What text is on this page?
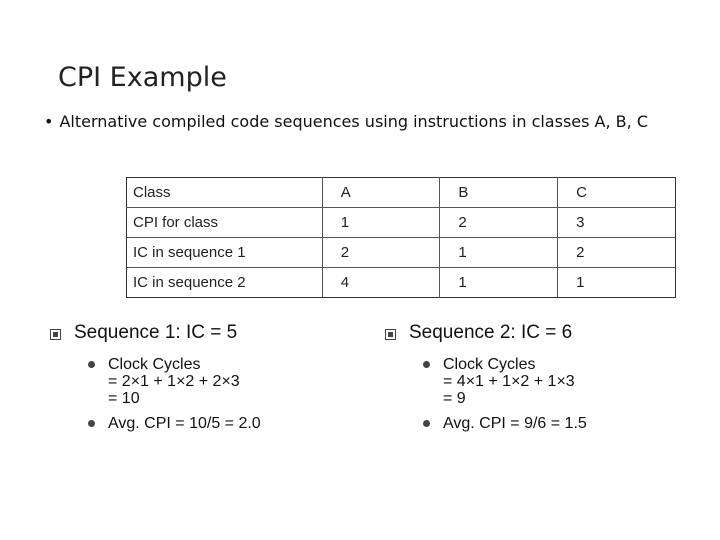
CPI Example
• Alternative compiled code sequences using instructions in classes A, B, C
Class	A	B	C
CPI for class	1	2	3
IC in sequence 1	2	1	2
IC in sequence 2	4	1	1
Sequence 1: IC = 5
Clock Cycles
= 2×1 + 1×2 + 2×3
= 10
Avg. CPI = 10/5 = 2.0
Sequence 2: IC = 6
Clock Cycles
= 4×1 + 1×2 + 1×3
= 9
Avg. CPI = 9/6 = 1.5
